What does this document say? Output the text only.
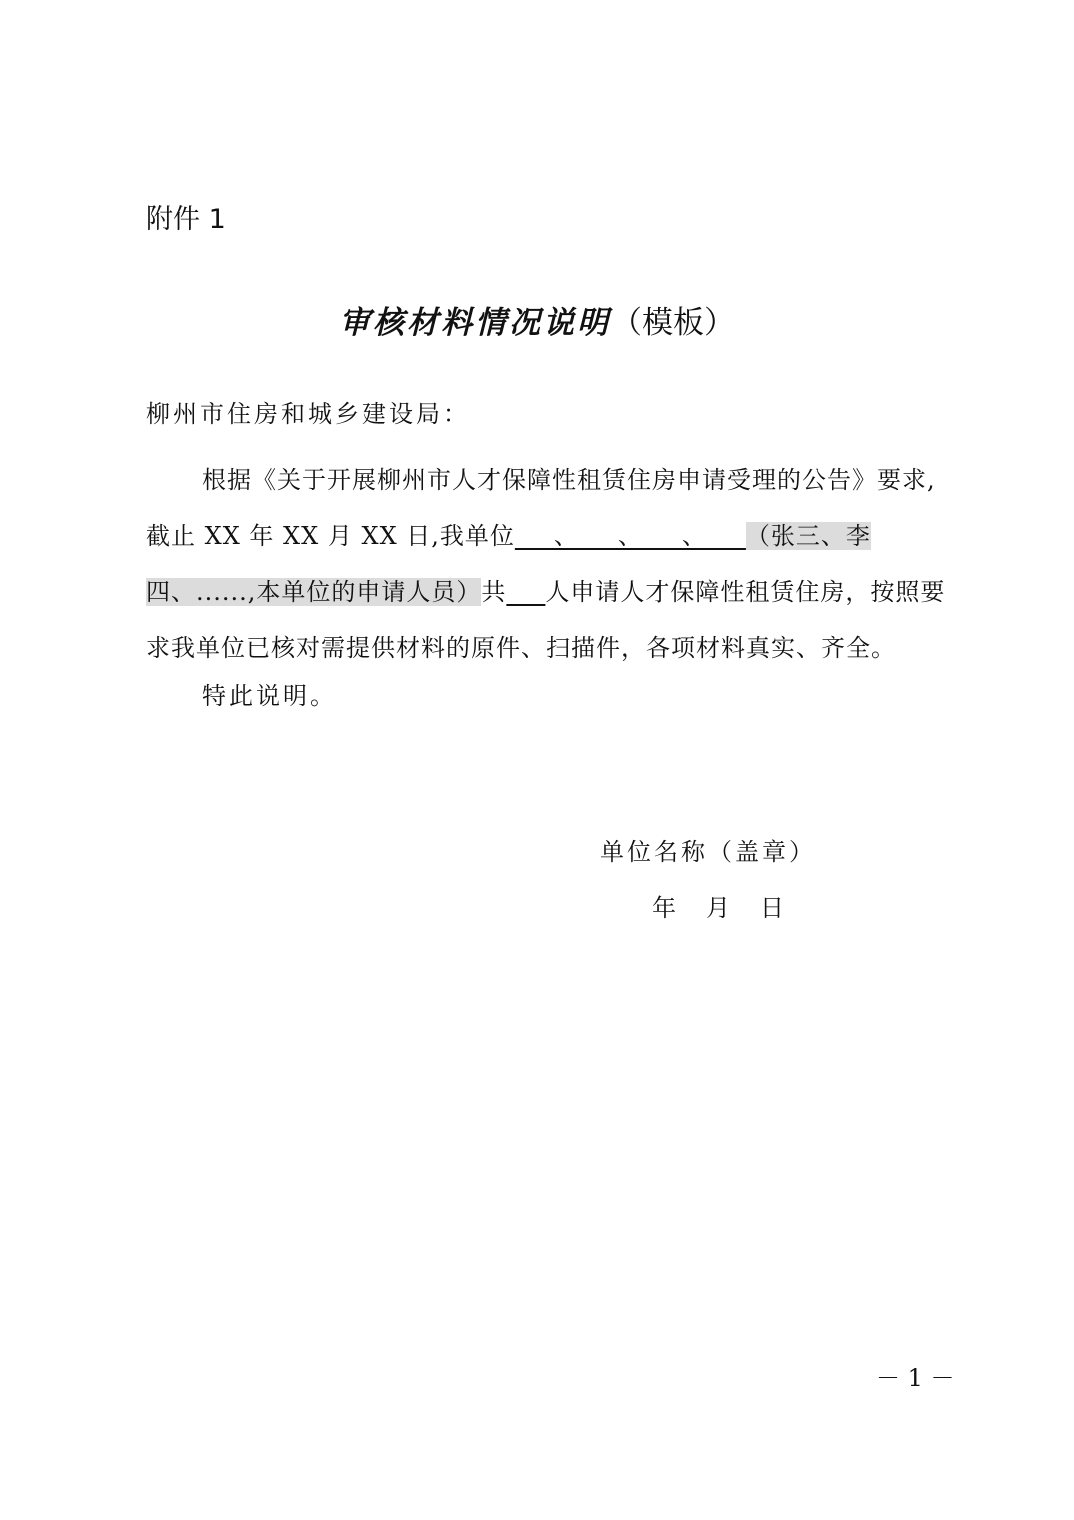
附件 1
审核材料情况说明（模板）
柳州市住房和城乡建设局：

根据《关于开展柳州市人才保障性租赁住房申请受理的公告》要求, 截止 XX 年 XX 月 XX 日,我单位___、___、___、___（张三、李四、......,本单位的申请人员）共___人申请人才保障性租赁住房，按照要求我单位已核对需提供材料的原件、扫描件，各项材料真实、齐全。

特此说明。
单位名称（盖章）
年 月 日
－ 1 －
